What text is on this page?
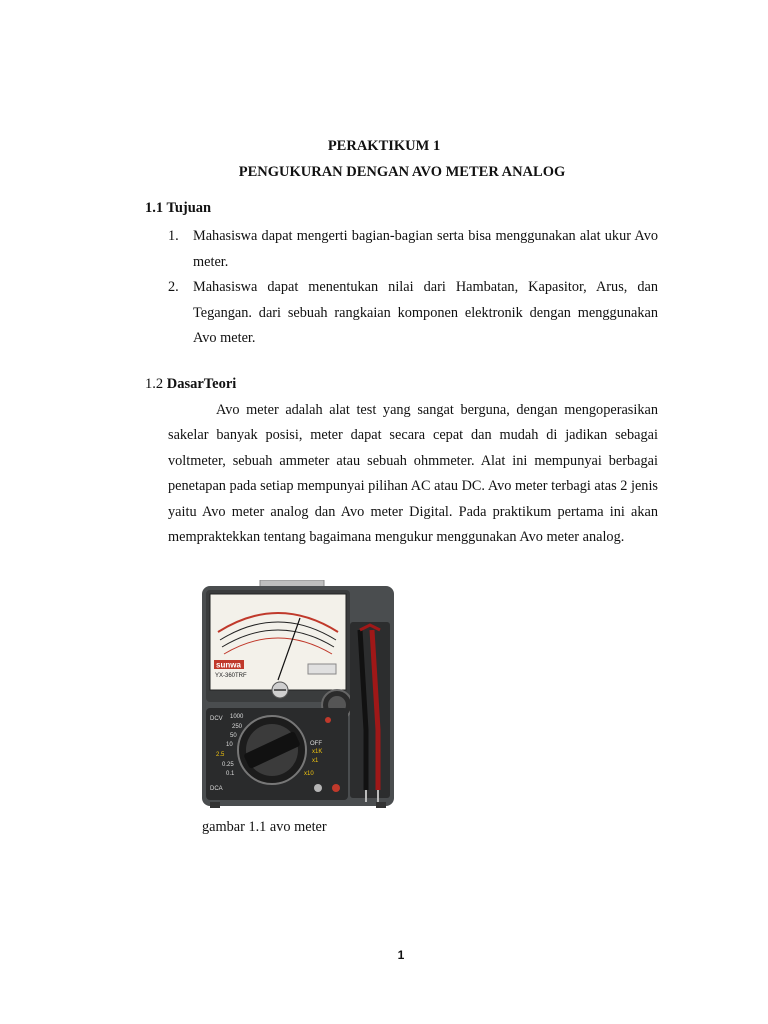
PERAKTIKUM 1
PENGUKURAN DENGAN AVO METER ANALOG
1.1 Tujuan
1. Mahasiswa dapat mengerti bagian-bagian serta bisa menggunakan alat ukur Avo meter.
2. Mahasiswa dapat menentukan nilai dari Hambatan, Kapasitor, Arus, dan Tegangan. dari sebuah rangkaian komponen elektronik dengan menggunakan Avo meter.
1.2 DasarTeori

Avo meter adalah alat test yang sangat berguna, dengan mengoperasikan sakelar banyak posisi, meter dapat secara cepat dan mudah di jadikan sebagai voltmeter, sebuah ammeter atau sebuah ohmmeter. Alat ini mempunyai berbagai penetapan pada setiap mempunyai pilihan AC atau DC. Avo meter terbagi atas 2 jenis yaitu Avo meter analog dan Avo meter Digital. Pada praktikum pertama ini akan mempraktekkan tentang bagaimana mengukur menggunakan Avo meter analog.

sunwa
YX-360TRF
DCV 1000
250
50
10
2.5
0.25
0.1
DCA
OFF
x1
x10
x1K
gambar 1.1 avo meter
1
